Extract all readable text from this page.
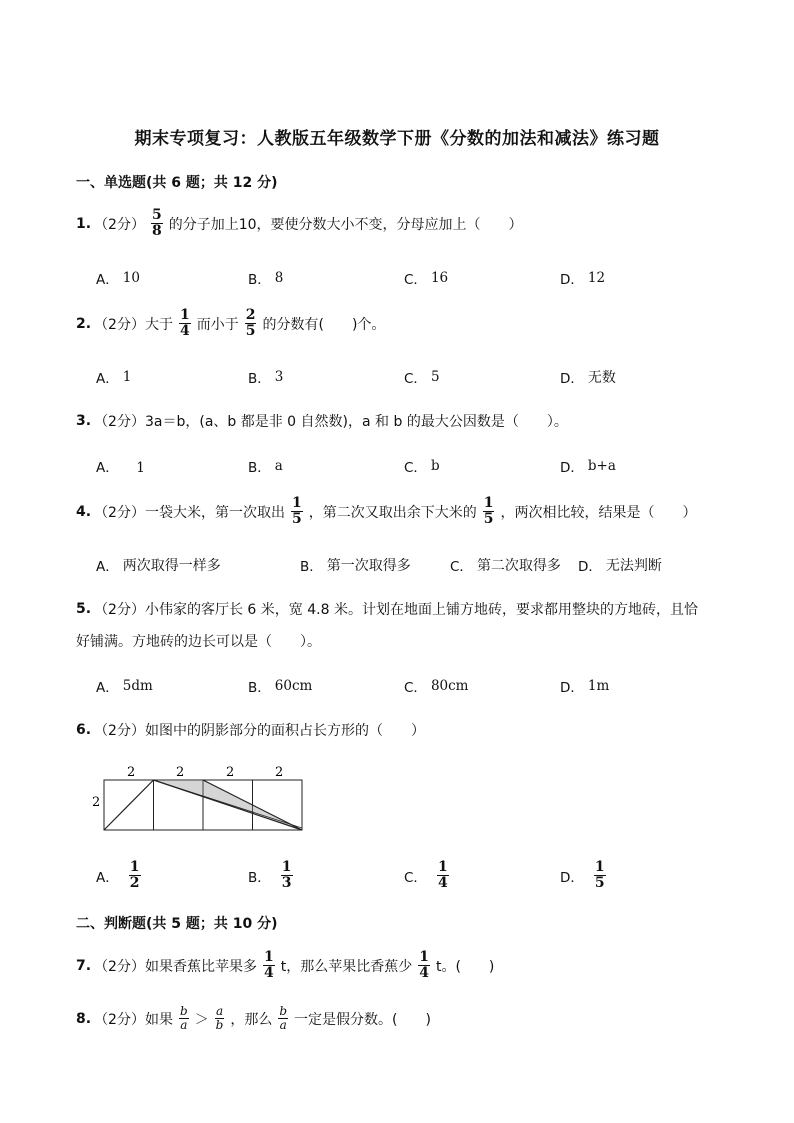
期末专项复习：人教版五年级数学下册《分数的加法和减法》练习题
一、单选题(共 6 题；共 12 分)
1. （2分） $\frac{5}{8}$ 的分子加上10，要使分数大小不变，分母应加上（　　）
A． 10	B． 8	C． 16	D． 12
2. （2分） 大于 $\frac{1}{4}$ 而小于 $\frac{2}{5}$ 的分数有(　　)个。
A． 1	B． 3	C． 5	D． 无数
3. （2分） 3a＝b，(a、b 都是非 0 自然数)，a 和 b 的最大公因数是（　　）。
A． 　1	B． a	C． b	D． b+a
4. （2分） 一袋大米，第一次取出 $\frac{1}{5}$ ，第二次又取出余下大米的 $\frac{1}{5}$ ，两次相比较，结果是（　　）
A． 两次取得一样多	B． 第一次取得多	C． 第二次取得多 D． 无法判断
5. （2分） 小伟家的客厅长 6 米，宽 4.8 米。计划在地面上铺方地砖，要求都用整块的方地砖，且恰
好铺满。方地砖的边长可以是（　　）。
A． 5dm	B． 60cm	C． 80cm	D． 1m
6. （2分） 如图中的阴影部分的面积占长方形的（　　）
2	2	2	2
2
A． $\frac{1}{2}$	B． $\frac{1}{3}$	C． $\frac{1}{4}$	D． $\frac{1}{5}$
二、判断题(共 5 题；共 10 分)
7. （2分） 如果香蕉比苹果多 $\frac{1}{4}$ t，那么苹果比香蕉少 $\frac{1}{4}$ t。(　　)
8. （2分） 如果 $\frac{b}{a} > \frac{a}{b}$ ，那么 $\frac{b}{a}$ 一定是假分数。(　　)
